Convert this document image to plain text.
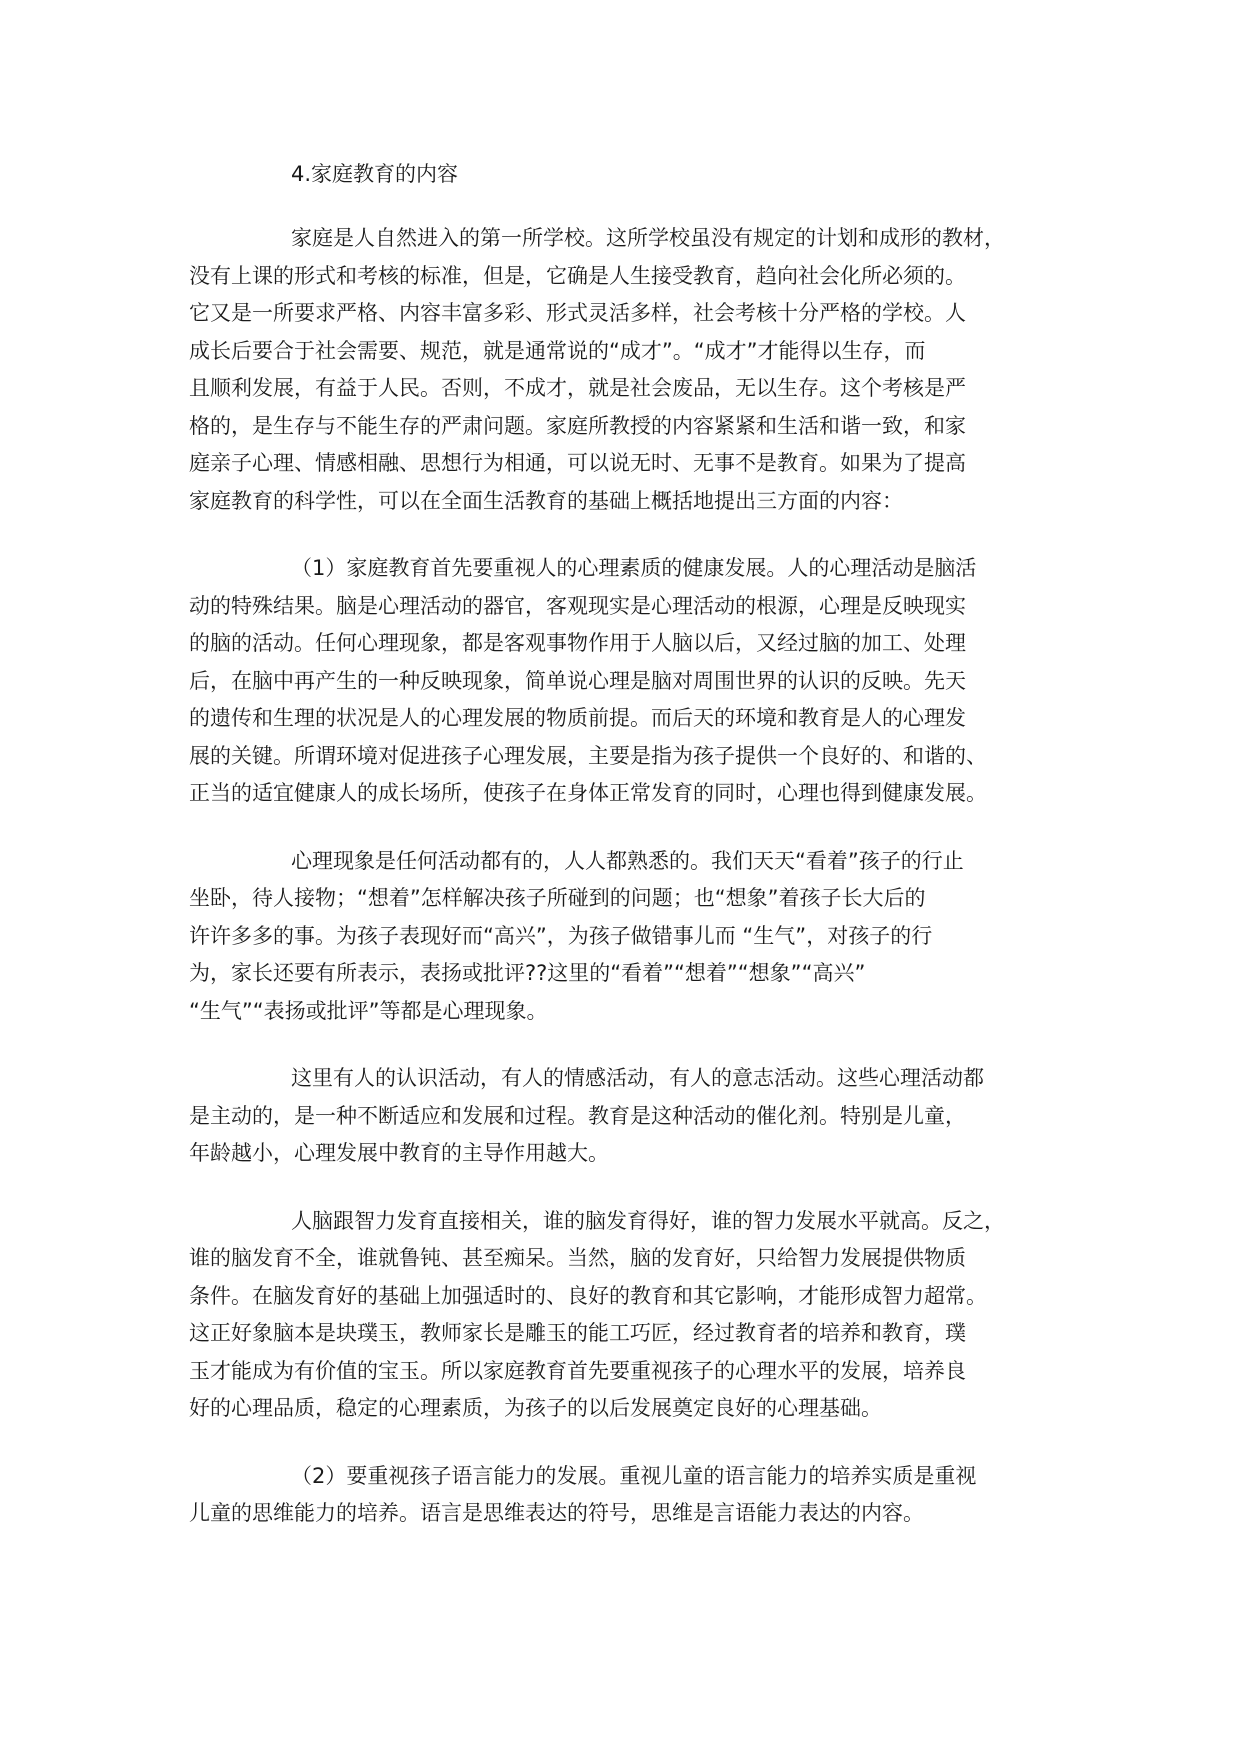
4.家庭教育的内容
家庭是人自然进入的第一所学校。这所学校虽没有规定的计划和成形的教材，
没有上课的形式和考核的标准，但是，它确是人生接受教育，趋向社会化所必须的。
它又是一所要求严格、内容丰富多彩、形式灵活多样，社会考核十分严格的学校。人
成长后要合于社会需要、规范，就是通常说的“成才”。“成才”才能得以生存，而
且顺利发展，有益于人民。否则，不成才，就是社会废品，无以生存。这个考核是严
格的，是生存与不能生存的严肃问题。家庭所教授的内容紧紧和生活和谐一致，和家
庭亲子心理、情感相融、思想行为相通，可以说无时、无事不是教育。如果为了提高
家庭教育的科学性，可以在全面生活教育的基础上概括地提出三方面的内容：
（1）家庭教育首先要重视人的心理素质的健康发展。人的心理活动是脑活
动的特殊结果。脑是心理活动的器官，客观现实是心理活动的根源，心理是反映现实
的脑的活动。任何心理现象，都是客观事物作用于人脑以后，又经过脑的加工、处理
后，在脑中再产生的一种反映现象，简单说心理是脑对周围世界的认识的反映。先天
的遗传和生理的状况是人的心理发展的物质前提。而后天的环境和教育是人的心理发
展的关键。所谓环境对促进孩子心理发展，主要是指为孩子提供一个良好的、和谐的、
正当的适宜健康人的成长场所，使孩子在身体正常发育的同时，心理也得到健康发展。
心理现象是任何活动都有的，人人都熟悉的。我们天天“看着”孩子的行止
坐卧，待人接物；“想着”怎样解决孩子所碰到的问题；也“想象”着孩子长大后的
许许多多的事。为孩子表现好而“高兴”，为孩子做错事儿而 “生气”，对孩子的行
为，家长还要有所表示，表扬或批评??这里的“看着”“想着”“想象”“高兴”
“生气”“表扬或批评”等都是心理现象。
这里有人的认识活动，有人的情感活动，有人的意志活动。这些心理活动都
是主动的，是一种不断适应和发展和过程。教育是这种活动的催化剂。特别是儿童，
年龄越小，心理发展中教育的主导作用越大。
人脑跟智力发育直接相关，谁的脑发育得好，谁的智力发展水平就高。反之，
谁的脑发育不全，谁就鲁钝、甚至痴呆。当然，脑的发育好，只给智力发展提供物质
条件。在脑发育好的基础上加强适时的、良好的教育和其它影响，才能形成智力超常。
这正好象脑本是块璞玉，教师家长是雕玉的能工巧匠，经过教育者的培养和教育，璞
玉才能成为有价值的宝玉。所以家庭教育首先要重视孩子的心理水平的发展，培养良
好的心理品质，稳定的心理素质，为孩子的以后发展奠定良好的心理基础。
（2）要重视孩子语言能力的发展。重视儿童的语言能力的培养实质是重视
儿童的思维能力的培养。语言是思维表达的符号，思维是言语能力表达的内容。
